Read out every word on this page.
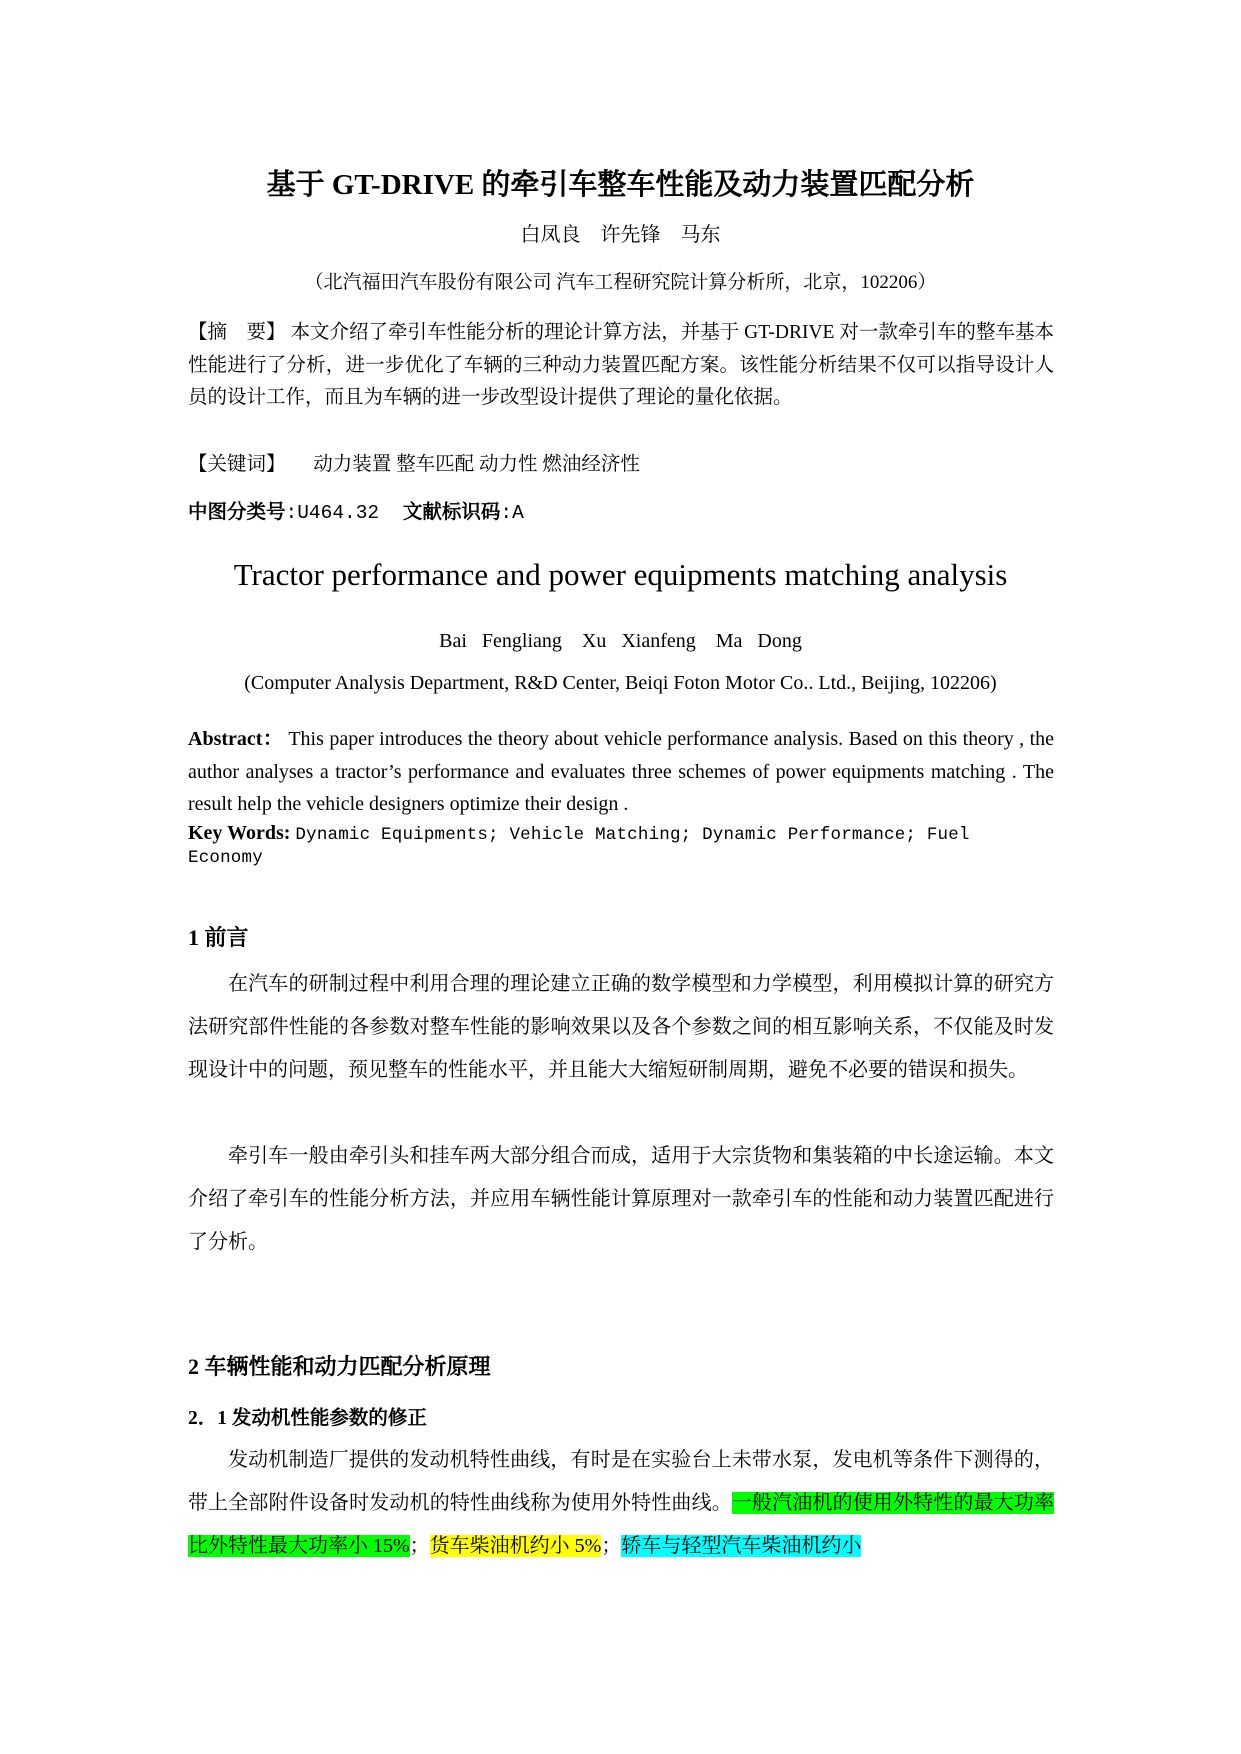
基于 GT-DRIVE 的牵引车整车性能及动力装置匹配分析
白凤良　许先锋　马东
（北汽福田汽车股份有限公司 汽车工程研究院计算分析所，北京，102206）
【摘　要】 本文介绍了牵引车性能分析的理论计算方法，并基于 GT-DRIVE 对一款牵引车的整车基本性能进行了分析，进一步优化了车辆的三种动力装置匹配方案。该性能分析结果不仅可以指导设计人员的设计工作，而且为车辆的进一步改型设计提供了理论的量化依据。
【关键词】 动力装置 整车匹配 动力性 燃油经济性
中图分类号:U464.32 文献标识码:A
Tractor performance and power equipments matching analysis
Bai Fengliang　Xu Xianfeng　Ma Dong
(Computer Analysis Department, R&D Center, Beiqi Foton Motor Co.. Ltd., Beijing, 102206)
Abstract： This paper introduces the theory about vehicle performance analysis. Based on this theory , the author analyses a tractor’s performance and evaluates three schemes of power equipments matching . The result help the vehicle designers optimize their design .
Key Words: Dynamic Equipments; Vehicle Matching; Dynamic Performance; Fuel Economy
1 前言
在汽车的研制过程中利用合理的理论建立正确的数学模型和力学模型，利用模拟计算的研究方法研究部件性能的各参数对整车性能的影响效果以及各个参数之间的相互影响关系，不仅能及时发现设计中的问题，预见整车的性能水平，并且能大大缩短研制周期，避免不必要的错误和损失。
牵引车一般由牵引头和挂车两大部分组合而成，适用于大宗货物和集装箱的中长途运输。本文介绍了牵引车的性能分析方法，并应用车辆性能计算原理对一款牵引车的性能和动力装置匹配进行了分析。
2 车辆性能和动力匹配分析原理
2．1 发动机性能参数的修正
发动机制造厂提供的发动机特性曲线，有时是在实验台上未带水泵，发电机等条件下测得的，带上全部附件设备时发动机的特性曲线称为使用外特性曲线。一般汽油机的使用外特性的最大功率比外特性最大功率小 15%；货车柴油机约小 5%；轿车与轻型汽车柴油机约小
